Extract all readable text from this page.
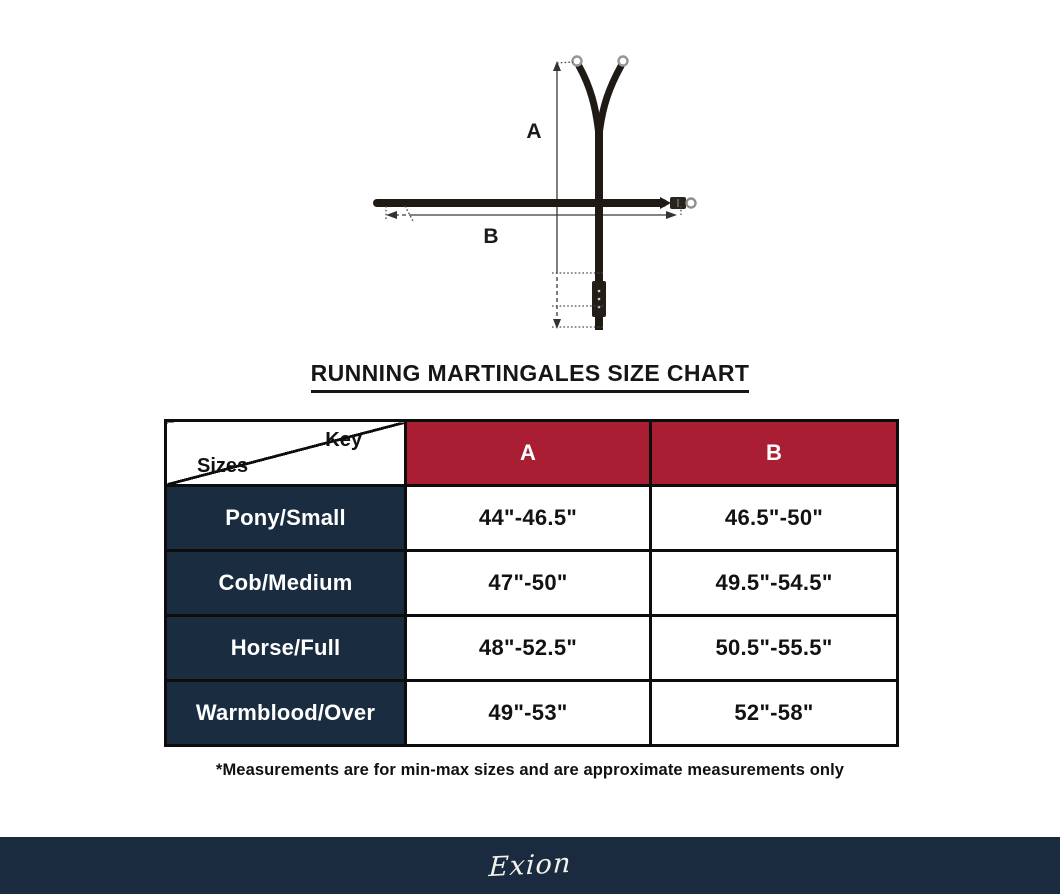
A
B
RUNNING MARTINGALES SIZE CHART
Key
Sizes	A	B
Pony/Small	44"-46.5"	46.5"-50"
Cob/Medium	47"-50"	49.5"-54.5"
Horse/Full	48"-52.5"	50.5"-55.5"
Warmblood/Over	49"-53"	52"-58"
*Measurements are for min-max sizes and are approximate measurements only
Exion
